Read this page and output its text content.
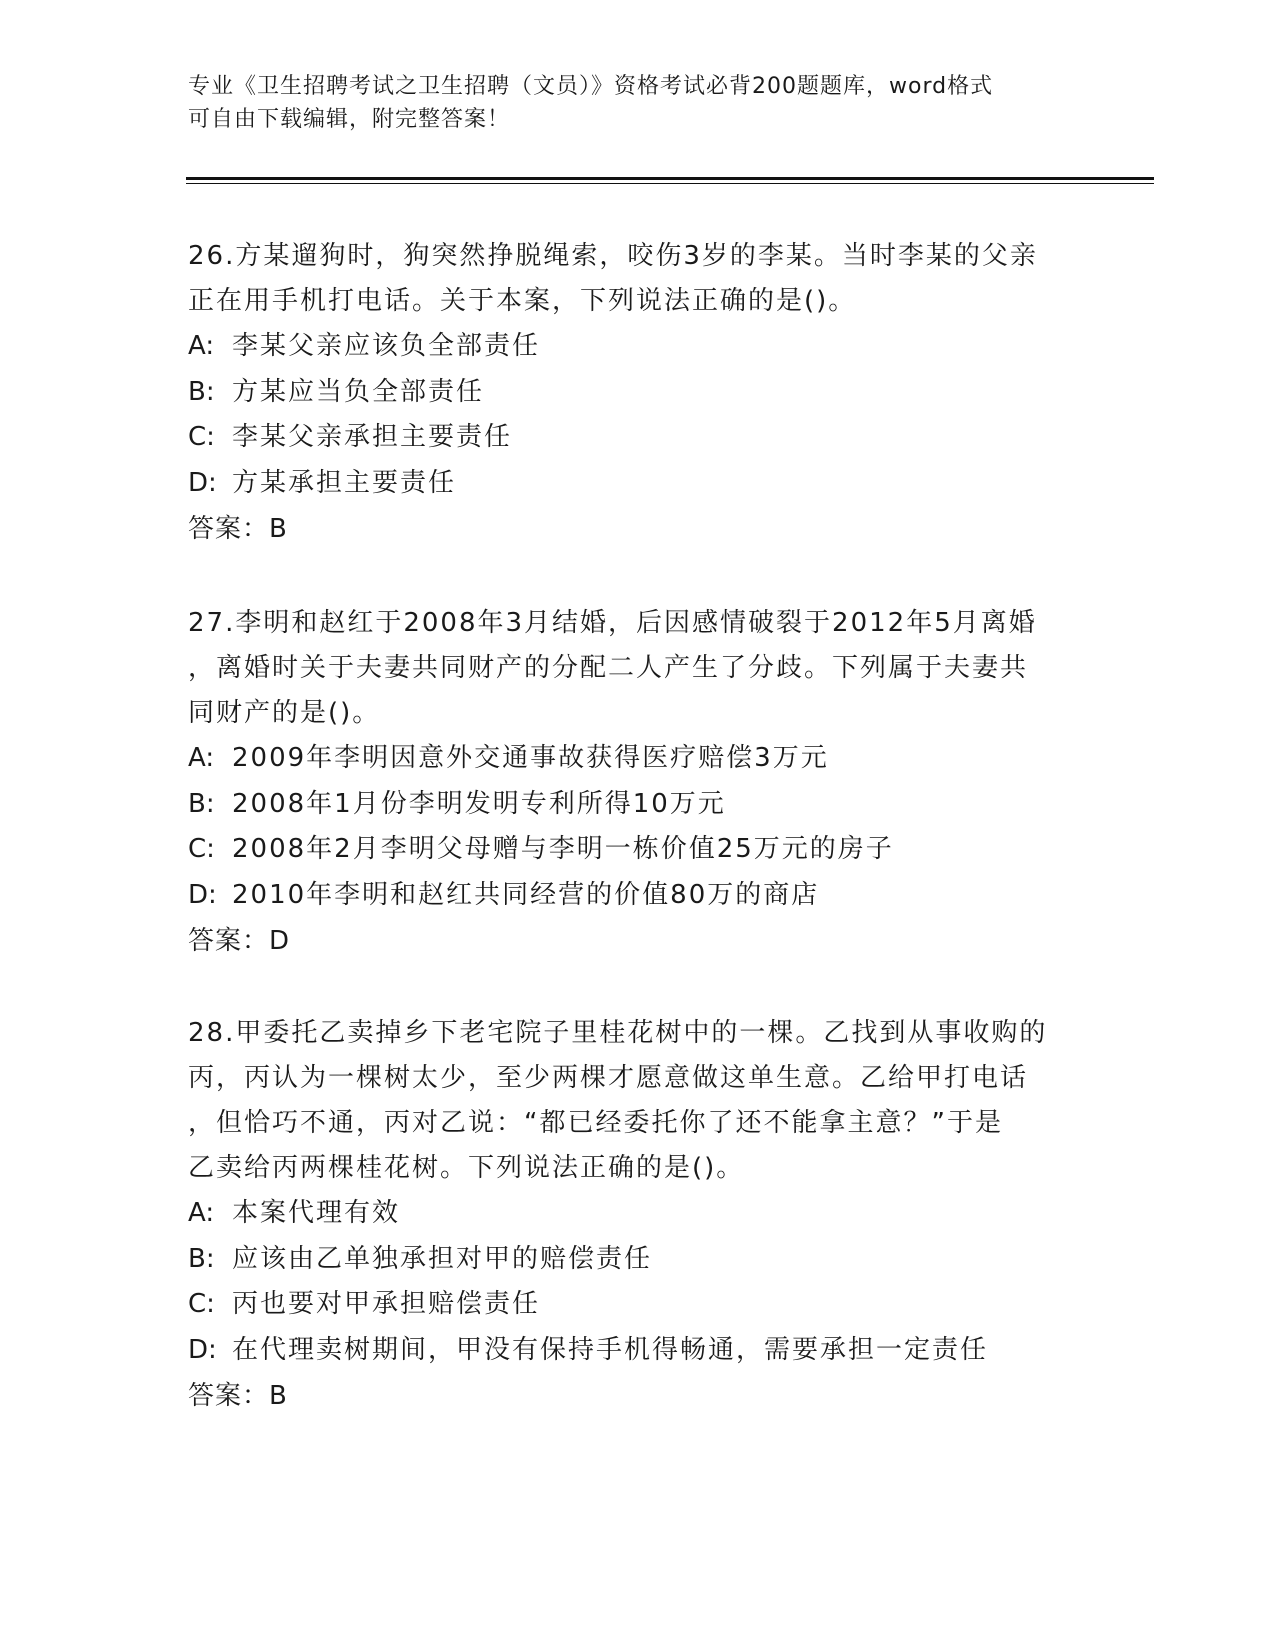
专业《卫生招聘考试之卫生招聘（文员）》资格考试必背200题题库，word格式
可自由下载编辑，附完整答案！

26.方某遛狗时，狗突然挣脱绳索，咬伤3岁的李某。当时李某的父亲
正在用手机打电话。关于本案，下列说法正确的是()。

A: 李某父亲应该负全部责任

B: 方某应当负全部责任

C: 李某父亲承担主要责任

D: 方某承担主要责任

答案：B

27.李明和赵红于2008年3月结婚，后因感情破裂于2012年5月离婚
，离婚时关于夫妻共同财产的分配二人产生了分歧。下列属于夫妻共
同财产的是()。

A: 2009年李明因意外交通事故获得医疗赔偿3万元

B: 2008年1月份李明发明专利所得10万元

C: 2008年2月李明父母赠与李明一栋价值25万元的房子

D: 2010年李明和赵红共同经营的价值80万的商店

答案：D

28.甲委托乙卖掉乡下老宅院子里桂花树中的一棵。乙找到从事收购的
丙，丙认为一棵树太少，至少两棵才愿意做这单生意。乙给甲打电话
，但恰巧不通，丙对乙说：“都已经委托你了还不能拿主意？”于是
乙卖给丙两棵桂花树。下列说法正确的是()。

A: 本案代理有效

B: 应该由乙单独承担对甲的赔偿责任

C: 丙也要对甲承担赔偿责任

D: 在代理卖树期间，甲没有保持手机得畅通，需要承担一定责任

答案：B
